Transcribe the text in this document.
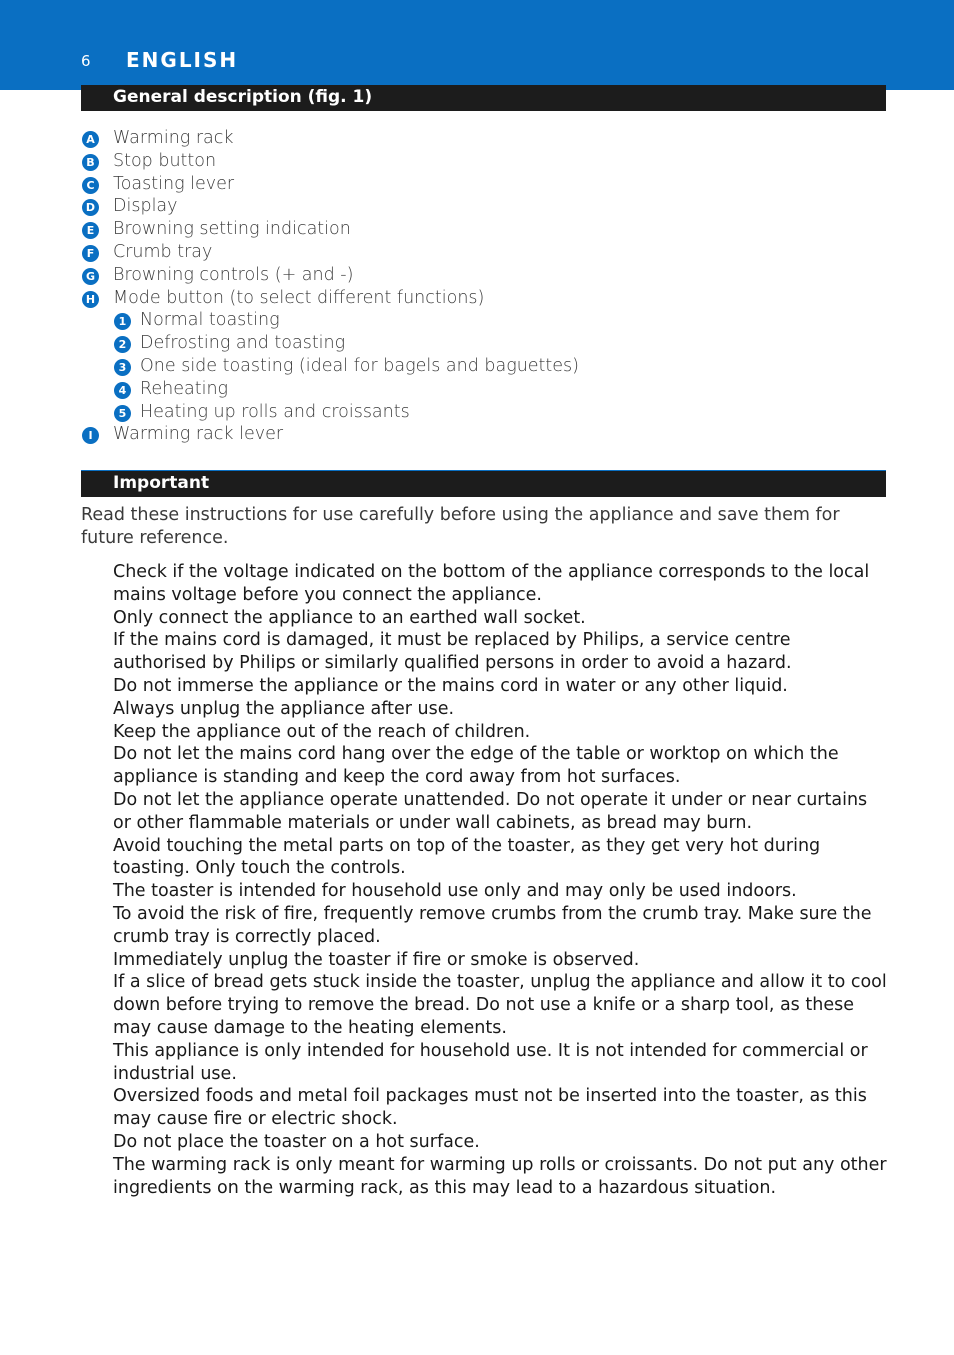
6 ENGLISH
General description (fig. 1)
A Warming rack
B Stop button
C Toasting lever
D Display
E Browning setting indication
F Crumb tray
G Browning controls (+ and -)
H Mode button (to select different functions)
1 Normal toasting
2 Defrosting and toasting
3 One side toasting (ideal for bagels and baguettes)
4 Reheating
5 Heating up rolls and croissants
I	Warming rack lever
Important

Read these instructions for use carefully before using the appliance and save them for future reference.

Check if the voltage indicated on the bottom of the appliance corresponds to the local mains voltage before you connect the appliance.

Only connect the appliance to an earthed wall socket.

If the mains cord is damaged, it must be replaced by Philips, a service centre authorised by Philips or similarly qualified persons in order to avoid a hazard.

Do not immerse the appliance or the mains cord in water or any other liquid.

Always unplug the appliance after use.

Keep the appliance out of the reach of children.

Do not let the mains cord hang over the edge of the table or worktop on which the appliance is standing and keep the cord away from hot surfaces.

Do not let the appliance operate unattended. Do not operate it under or near curtains or other flammable materials or under wall cabinets, as bread may burn.

Avoid touching the metal parts on top of the toaster, as they get very hot during toasting. Only touch the controls.

The toaster is intended for household use only and may only be used indoors.

To avoid the risk of fire, frequently remove crumbs from the crumb tray. Make sure the crumb tray is correctly placed.

Immediately unplug the toaster if fire or smoke is observed.

If a slice of bread gets stuck inside the toaster, unplug the appliance and allow it to cool down before trying to remove the bread. Do not use a knife or a sharp tool, as these may cause damage to the heating elements.

This appliance is only intended for household use. It is not intended for commercial or industrial use.

Oversized foods and metal foil packages must not be inserted into the toaster, as this may cause fire or electric shock.

Do not place the toaster on a hot surface.

The warming rack is only meant for warming up rolls or croissants. Do not put any other ingredients on the warming rack, as this may lead to a hazardous situation.
